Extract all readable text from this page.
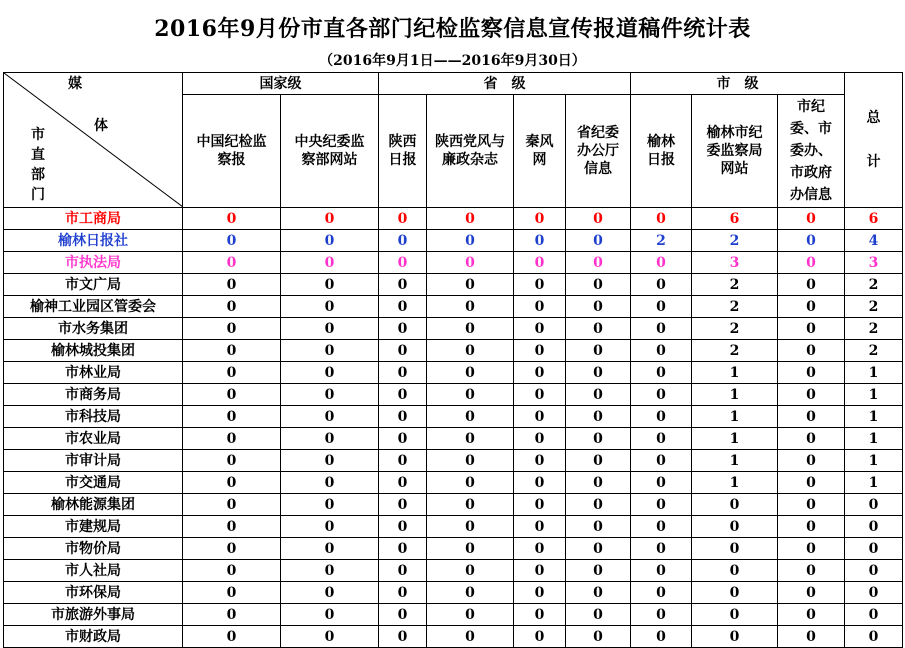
2016年9月份市直各部门纪检监察信息宣传报道稿件统计表
（2016年9月1日——2016年9月30日）
媒
体
市直部门	国家级		省　级				市　级			总计

	中国纪检监察报	中央纪委监察部网站	陕西日报	陕西党风与廉政杂志	秦风网	省纪委办公厅信息	榆林日报	榆林市纪委监察局网站	市纪委、市委办、市政府办信息	

市工商局	0	0	0	0	0	0	0	6	0	6
榆林日报社	0	0	0	0	0	0	2	2	0	4
市执法局	0	0	0	0	0	0	0	3	0	3
市文广局	0	0	0	0	0	0	0	2	0	2
榆神工业园区管委会	0	0	0	0	0	0	0	2	0	2
市水务集团	0	0	0	0	0	0	0	2	0	2
榆林城投集团	0	0	0	0	0	0	0	2	0	2
市林业局	0	0	0	0	0	0	0	1	0	1
市商务局	0	0	0	0	0	0	0	1	0	1
市科技局	0	0	0	0	0	0	0	1	0	1
市农业局	0	0	0	0	0	0	0	1	0	1
市审计局	0	0	0	0	0	0	0	1	0	1
市交通局	0	0	0	0	0	0	0	1	0	1
榆林能源集团	0	0	0	0	0	0	0	0	0	0
市建规局	0	0	0	0	0	0	0	0	0	0
市物价局	0	0	0	0	0	0	0	0	0	0
市人社局	0	0	0	0	0	0	0	0	0	0
市环保局	0	0	0	0	0	0	0	0	0	0
市旅游外事局	0	0	0	0	0	0	0	0	0	0
市财政局	0	0	0	0	0	0	0	0	0	0
